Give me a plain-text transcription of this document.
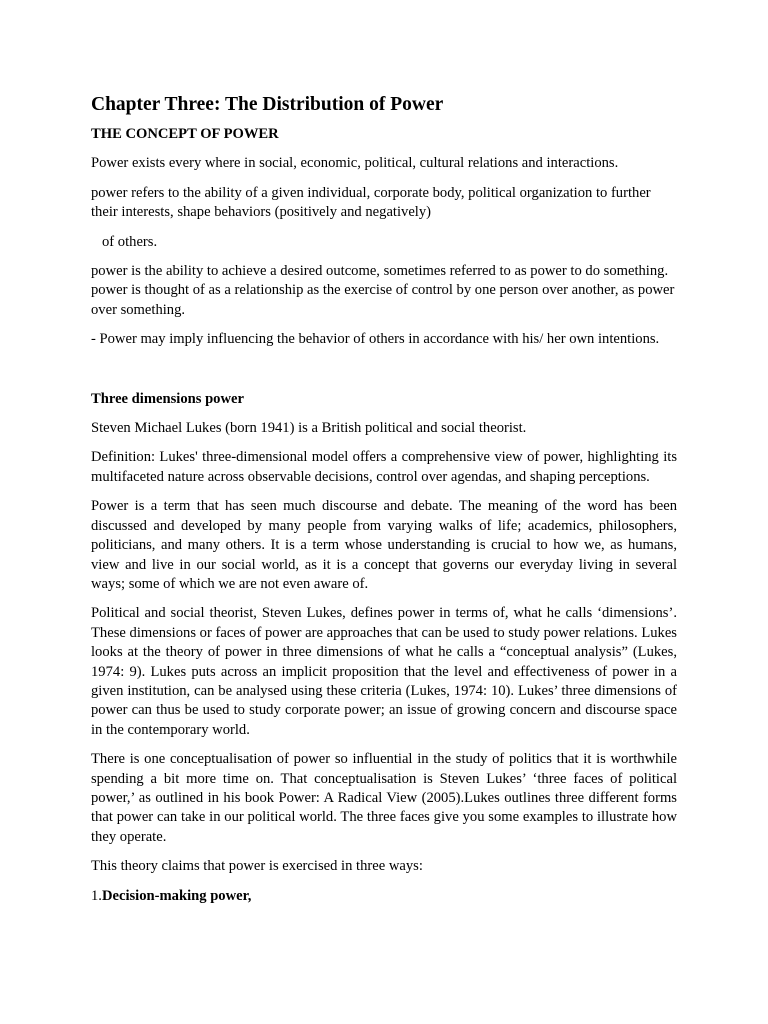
Chapter Three: The Distribution of Power

THE CONCEPT OF POWER

Power exists every where in social, economic, political, cultural relations and interactions.

power refers to the ability of a given individual, corporate body, political organization to further their interests, shape behaviors (positively and negatively)

of others.

power is the ability to achieve a desired outcome, sometimes referred to as power to do something. power is thought of as a relationship as the exercise of control by one person over another, as power over something.

- Power may imply influencing the behavior of others in accordance with his/ her own intentions.

Three dimensions power

Steven Michael Lukes (born 1941) is a British political and social theorist.

Definition: Lukes' three-dimensional model offers a comprehensive view of power, highlighting its multifaceted nature across observable decisions, control over agendas, and shaping perceptions.

Power is a term that has seen much discourse and debate. The meaning of the word has been discussed and developed by many people from varying walks of life; academics, philosophers, politicians, and many others. It is a term whose understanding is crucial to how we, as humans, view and live in our social world, as it is a concept that governs our everyday living in several ways; some of which we are not even aware of.

Political and social theorist, Steven Lukes, defines power in terms of, what he calls ‘dimensions’. These dimensions or faces of power are approaches that can be used to study power relations. Lukes looks at the theory of power in three dimensions of what he calls a “conceptual analysis” (Lukes, 1974: 9). Lukes puts across an implicit proposition that the level and effectiveness of power in a given institution, can be analysed using these criteria (Lukes, 1974: 10). Lukes’ three dimensions of power can thus be used to study corporate power; an issue of growing concern and discourse space in the contemporary world.

There is one conceptualisation of power so influential in the study of politics that it is worthwhile spending a bit more time on. That conceptualisation is Steven Lukes’ ‘three faces of political power,’ as outlined in his book Power: A Radical View (2005).Lukes outlines three different forms that power can take in our political world. The three faces give you some examples to illustrate how they operate.

This theory claims that power is exercised in three ways:

1.Decision-making power,
